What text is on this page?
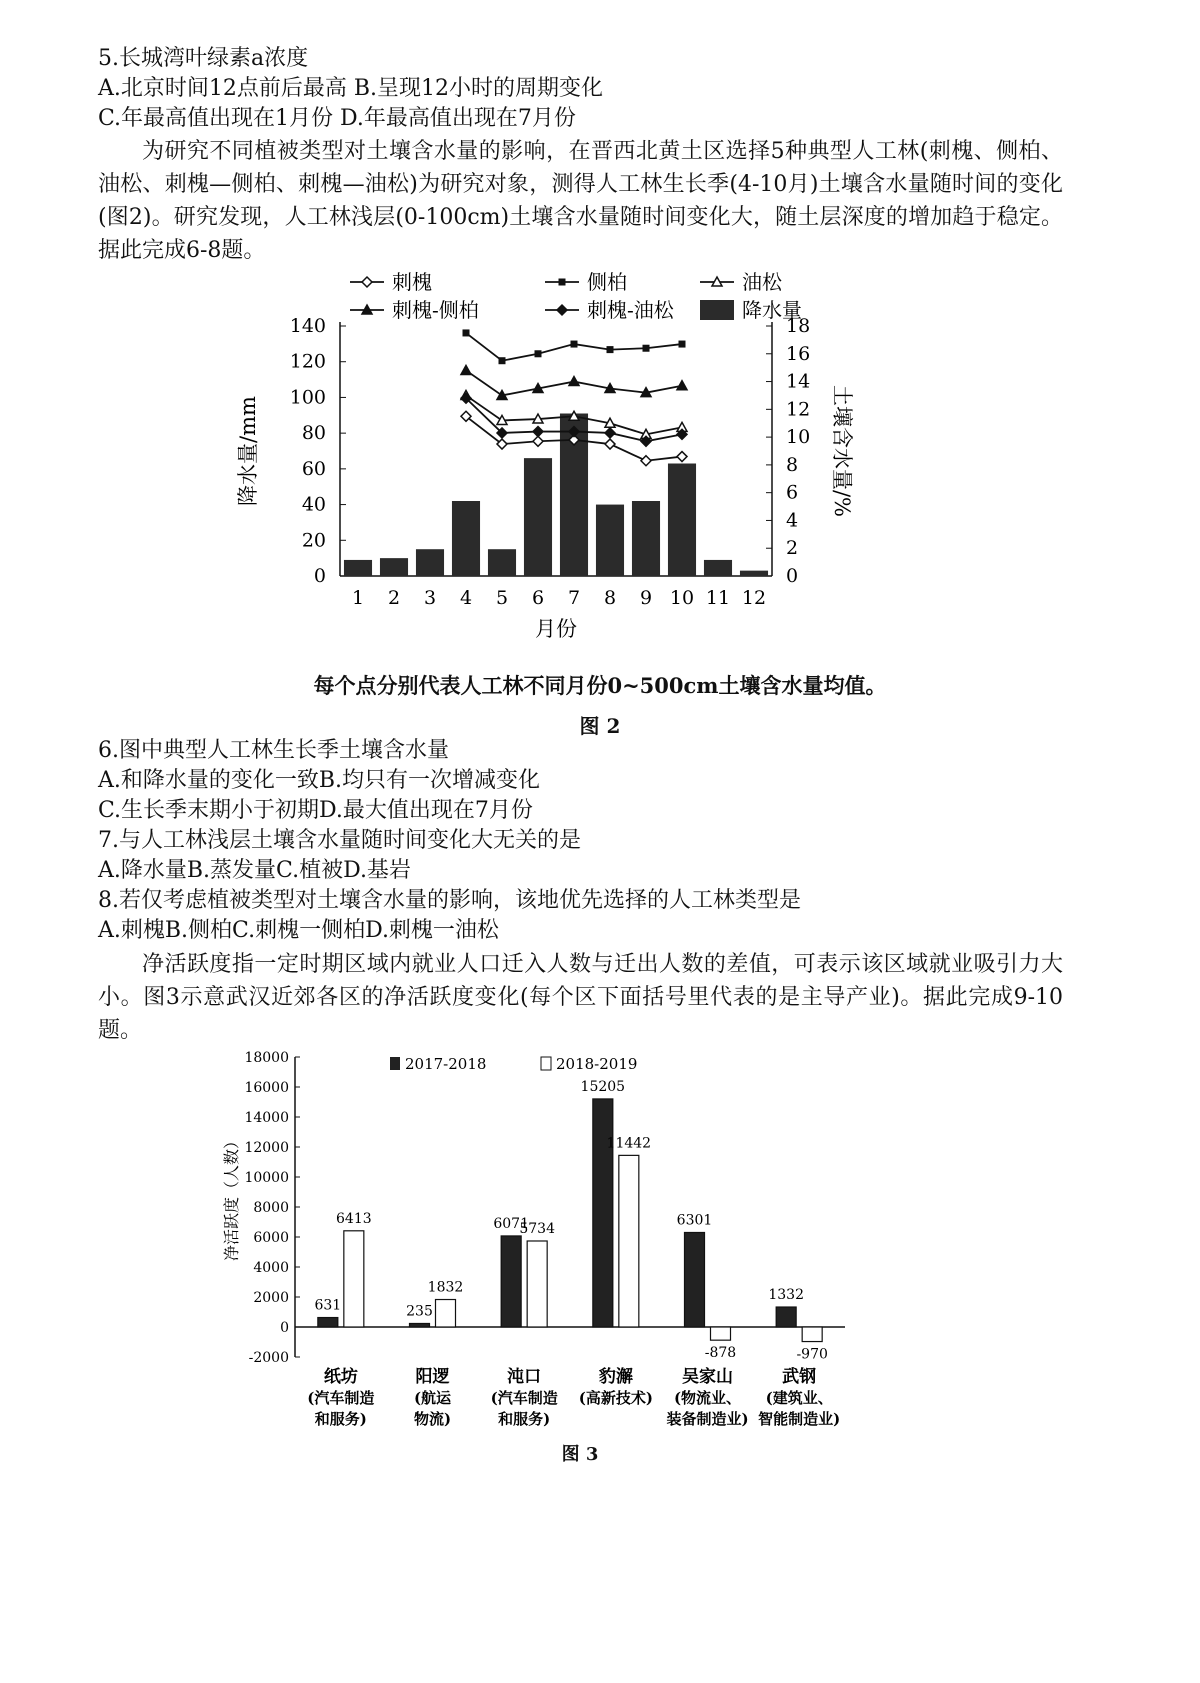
5.长城湾叶绿素a浓度
A.北京时间12点前后最高 B.呈现12小时的周期变化
C.年最高值出现在1月份 D.年最高值出现在7月份
为研究不同植被类型对土壤含水量的影响，在晋西北黄土区选择5种典型人工林(刺槐、侧柏、油松、刺槐—侧柏、刺槐—油松)为研究对象，测得人工林生长季(4-10月)土壤含水量随时间的变化(图2)。研究发现，人工林浅层(0-100cm)土壤含水量随时间变化大，随土层深度的增加趋于稳定。据此完成6-8题。
0
20
40
60
80
100
120
140
0
2
4
6
8
10
12
14
16
18
1 2 3 4 5 6 7 8 9 10 11 12
月份
降水量/mm	土壤含水量/%
刺槐	侧柏	油松
刺槐-侧柏	刺槐-油松	降水量
每个点分别代表人工林不同月份0~500cm土壤含水量均值。
图 2
6.图中典型人工林生长季土壤含水量
A.和降水量的变化一致B.均只有一次增减变化
C.生长季末期小于初期D.最大值出现在7月份
7.与人工林浅层土壤含水量随时间变化大无关的是
A.降水量B.蒸发量C.植被D.基岩
8.若仅考虑植被类型对土壤含水量的影响，该地优先选择的人工林类型是
A.刺槐B.侧柏C.刺槐一侧柏D.刺槐一油松
净活跃度指一定时期区域内就业人口迁入人数与迁出人数的差值，可表示该区域就业吸引力大小。图3示意武汉近郊各区的净活跃度变化(每个区下面括号里代表的是主导产业)。据此完成9-10题。
-2000
0
2000
4000
6000
8000
10000
12000
14000
16000
18000
净活跃度（人数）
2017-2018	2018-2019
631
6413
纸坊
(汽车制造
和服务)
235
1832
阳逻
(航运
物流)
6071
5734
沌口
(汽车制造
和服务)
15205
11442
豹澥
(高新技术)
6301
-878
吴家山
(物流业、
装备制造业)
1332
-970
武钢
(建筑业、
智能制造业)
图 3
